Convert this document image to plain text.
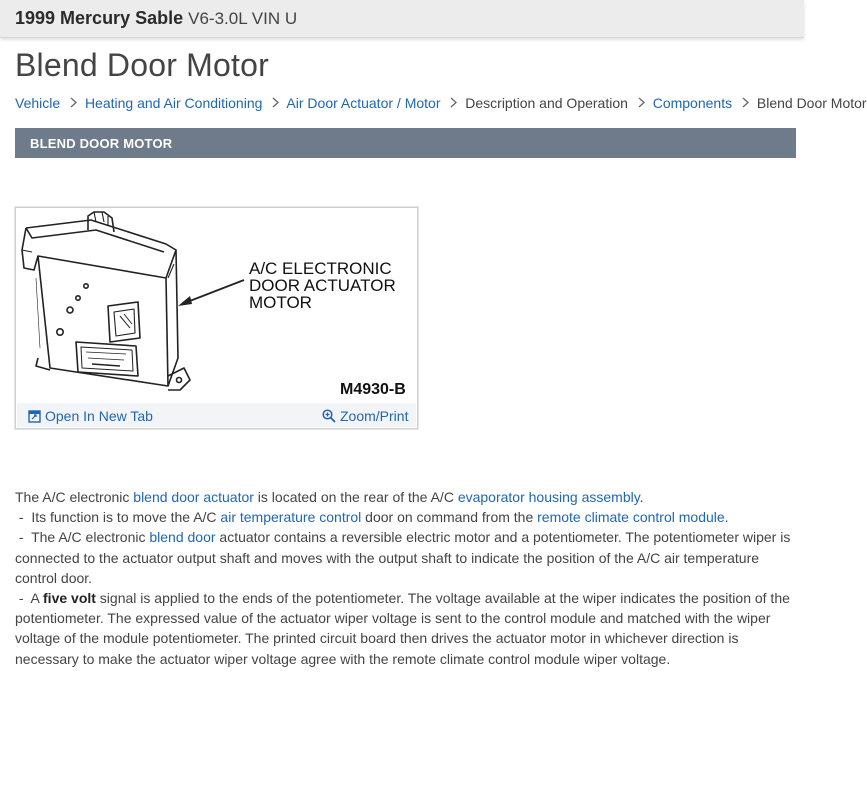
1999 Mercury Sable V6-3.0L VIN U
Blend Door Motor
Vehicle Heating and Air Conditioning Air Door Actuator / Motor Description and Operation Components Blend Door Motor
BLEND DOOR MOTOR
A/C ELECTRONIC
DOOR ACTUATOR
MOTOR
M4930-B
Open In New Tab	Zoom/Print

The A/C electronic blend door actuator is located on the rear of the A/C evaporator housing assembly.

-  Its function is to move the A/C air temperature control door on command from the remote climate control module.

-  The A/C electronic blend door actuator contains a reversible electric motor and a potentiometer. The potentiometer wiper is connected to the actuator output shaft and moves with the output shaft to indicate the position of the A/C air temperature control door.

-  A five volt signal is applied to the ends of the potentiometer. The voltage available at the wiper indicates the position of the potentiometer. The expressed value of the actuator wiper voltage is sent to the control module and matched with the wiper voltage of the module potentiometer. The printed circuit board then drives the actuator motor in whichever direction is necessary to make the actuator wiper voltage agree with the remote climate control module wiper voltage.
